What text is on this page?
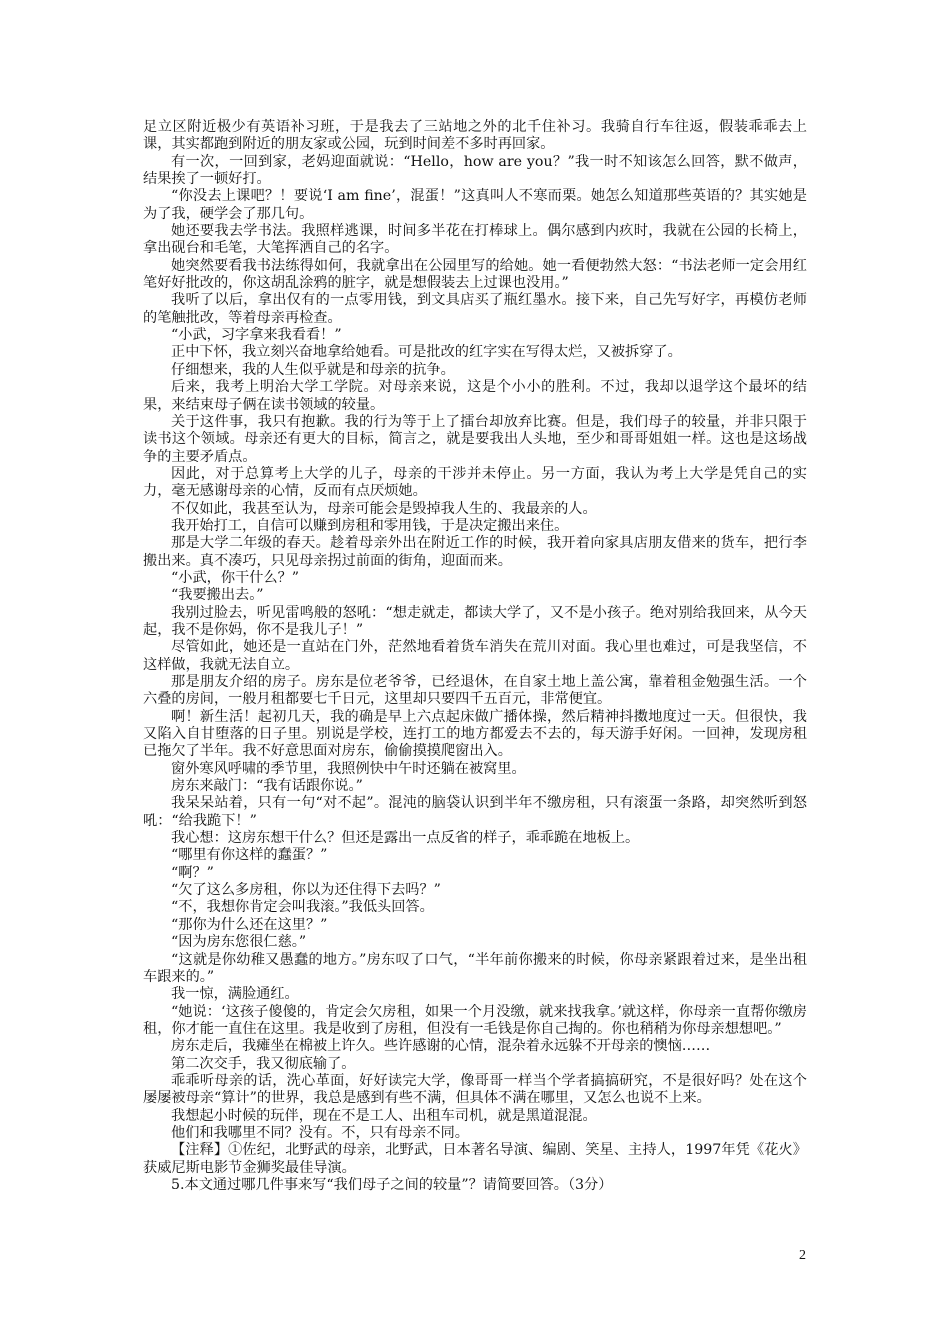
足立区附近极少有英语补习班，于是我去了三站地之外的北千住补习。我骑自行车往返，假装乖乖去上课，其实都跑到附近的朋友家或公园，玩到时间差不多时再回家。

有一次，一回到家，老妈迎面就说：“Hello，how are you？”我一时不知该怎么回答，默不做声，结果挨了一顿好打。

“你没去上课吧？！要说‘I am fine’，混蛋！”这真叫人不寒而栗。她怎么知道那些英语的？其实她是为了我，硬学会了那几句。

她还要我去学书法。我照样逃课，时间多半花在打棒球上。偶尔感到内疚时，我就在公园的长椅上，拿出砚台和毛笔，大笔挥洒自己的名字。

她突然要看我书法练得如何，我就拿出在公园里写的给她。她一看便勃然大怒：“书法老师一定会用红笔好好批改的，你这胡乱涂鸦的脏字，就是想假装去上过课也没用。”

我听了以后，拿出仅有的一点零用钱，到文具店买了瓶红墨水。接下来，自己先写好字，再模仿老师的笔触批改，等着母亲再检查。

“小武，习字拿来我看看！”

正中下怀，我立刻兴奋地拿给她看。可是批改的红字实在写得太烂，又被拆穿了。

仔细想来，我的人生似乎就是和母亲的抗争。

后来，我考上明治大学工学院。对母亲来说，这是个小小的胜利。不过，我却以退学这个最坏的结果，来结束母子俩在读书领域的较量。

关于这件事，我只有抱歉。我的行为等于上了擂台却放弃比赛。但是，我们母子的较量，并非只限于读书这个领域。母亲还有更大的目标，简言之，就是要我出人头地，至少和哥哥姐姐一样。这也是这场战争的主要矛盾点。

因此，对于总算考上大学的儿子，母亲的干涉并未停止。另一方面，我认为考上大学是凭自己的实力，毫无感谢母亲的心情，反而有点厌烦她。

不仅如此，我甚至认为，母亲可能会是毁掉我人生的、我最亲的人。

我开始打工，自信可以赚到房租和零用钱，于是决定搬出来住。

那是大学二年级的春天。趁着母亲外出在附近工作的时候，我开着向家具店朋友借来的货车，把行李搬出来。真不凑巧，只见母亲拐过前面的街角，迎面而来。

“小武，你干什么？”

“我要搬出去。”

我别过脸去，听见雷鸣般的怒吼：“想走就走，都读大学了，又不是小孩子。绝对别给我回来，从今天起，我不是你妈，你不是我儿子！”

尽管如此，她还是一直站在门外，茫然地看着货车消失在荒川对面。我心里也难过，可是我坚信，不这样做，我就无法自立。

那是朋友介绍的房子。房东是位老爷爷，已经退休，在自家土地上盖公寓，靠着租金勉强生活。一个六叠的房间，一般月租都要七千日元，这里却只要四千五百元，非常便宜。

啊！新生活！起初几天，我的确是早上六点起床做广播体操，然后精神抖擞地度过一天。但很快，我又陷入自甘堕落的日子里。别说是学校，连打工的地方都爱去不去的，每天游手好闲。一回神，发现房租已拖欠了半年。我不好意思面对房东，偷偷摸摸爬窗出入。

窗外寒风呼啸的季节里，我照例快中午时还躺在被窝里。

房东来敲门：“我有话跟你说。”

我呆呆站着，只有一句“对不起”。混沌的脑袋认识到半年不缴房租，只有滚蛋一条路，却突然听到怒吼：“给我跪下！”

我心想：这房东想干什么？但还是露出一点反省的样子，乖乖跪在地板上。

“哪里有你这样的蠢蛋？”

“啊？”

“欠了这么多房租，你以为还住得下去吗？”

“不，我想你肯定会叫我滚。”我低头回答。

“那你为什么还在这里？”

“因为房东您很仁慈。”

“这就是你幼稚又愚蠢的地方。”房东叹了口气，“半年前你搬来的时候，你母亲紧跟着过来，是坐出租车跟来的。”

我一惊，满脸通红。

“她说：‘这孩子傻傻的，肯定会欠房租，如果一个月没缴，就来找我拿。’就这样，你母亲一直帮你缴房租，你才能一直住在这里。我是收到了房租，但没有一毛钱是你自己掏的。你也稍稍为你母亲想想吧。”

房东走后，我瘫坐在棉被上许久。些许感谢的心情，混杂着永远躲不开母亲的懊恼……

第二次交手，我又彻底输了。

乖乖听母亲的话，洗心革面，好好读完大学，像哥哥一样当个学者搞搞研究，不是很好吗？处在这个屡屡被母亲“算计”的世界，我总是感到有些不满，但具体不满在哪里，又怎么也说不上来。

我想起小时候的玩伴，现在不是工人、出租车司机，就是黑道混混。

他们和我哪里不同？没有。不，只有母亲不同。

【注释】①佐纪，北野武的母亲，北野武，日本著名导演、编剧、笑星、主持人，1997年凭《花火》获威尼斯电影节金狮奖最佳导演。

5.本文通过哪几件事来写“我们母子之间的较量”？请简要回答。（3分）

2
